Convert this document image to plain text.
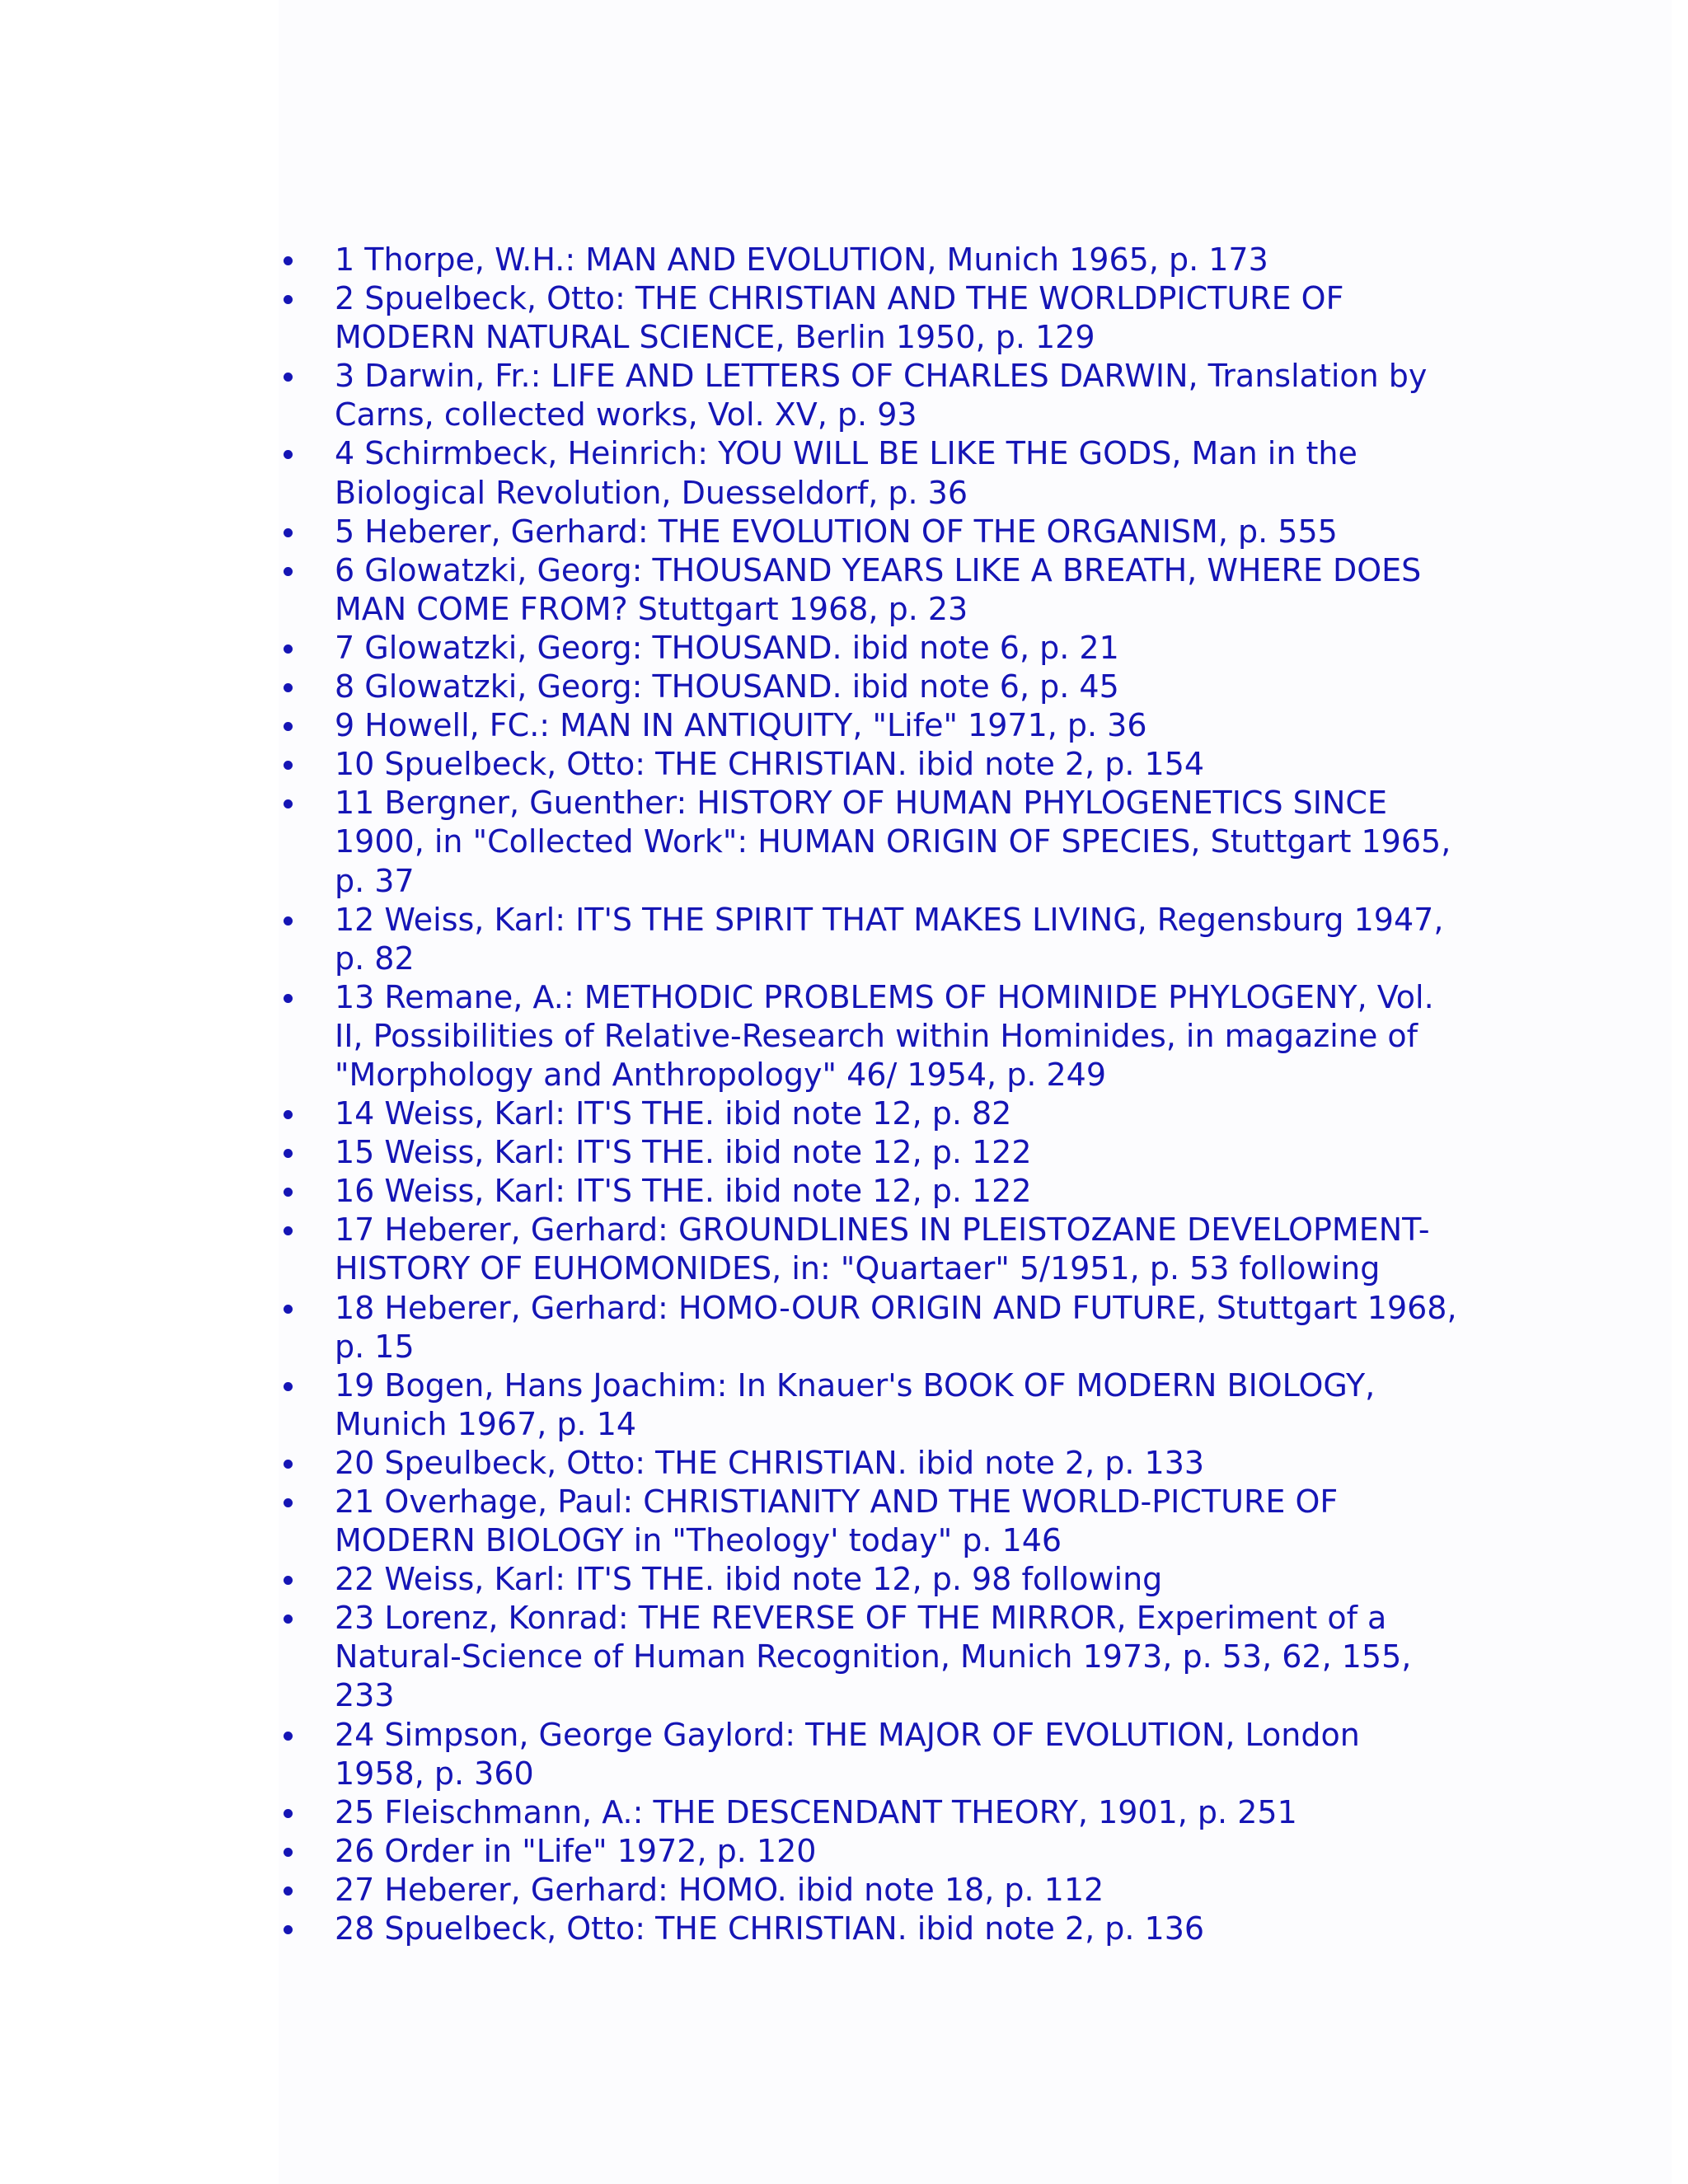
1 Thorpe, W.H.: MAN AND EVOLUTION, Munich 1965, p. 173
2 Spuelbeck, Otto: THE CHRISTIAN AND THE WORLDPICTURE OF MODERN NATURAL SCIENCE, Berlin 1950, p. 129
3 Darwin, Fr.: LIFE AND LETTERS OF CHARLES DARWIN, Translation by Carns, collected works, Vol. XV, p. 93
4 Schirmbeck, Heinrich: YOU WILL BE LIKE THE GODS, Man in the Biological Revolution, Duesseldorf, p. 36
5 Heberer, Gerhard: THE EVOLUTION OF THE ORGANISM, p. 555
6 Glowatzki, Georg: THOUSAND YEARS LIKE A BREATH, WHERE DOES MAN COME FROM? Stuttgart 1968, p. 23
7 Glowatzki, Georg: THOUSAND. ibid note 6, p. 21
8 Glowatzki, Georg: THOUSAND. ibid note 6, p. 45
9 Howell, FC.: MAN IN ANTIQUITY, "Life" 1971, p. 36
10 Spuelbeck, Otto: THE CHRISTIAN. ibid note 2, p. 154
11 Bergner, Guenther: HISTORY OF HUMAN PHYLOGENETICS SINCE 1900, in "Collected Work": HUMAN ORIGIN OF SPECIES, Stuttgart 1965, p. 37
12 Weiss, Karl: IT'S THE SPIRIT THAT MAKES LIVING, Regensburg 1947, p. 82
13 Remane, A.: METHODIC PROBLEMS OF HOMINIDE PHYLOGENY, Vol. II, Possibilities of Relative-Research within Hominides, in magazine of "Morphology and Anthropology" 46/ 1954, p. 249
14 Weiss, Karl: IT'S THE. ibid note 12, p. 82
15 Weiss, Karl: IT'S THE. ibid note 12, p. 122
16 Weiss, Karl: IT'S THE. ibid note 12, p. 122
17 Heberer, Gerhard: GROUNDLINES IN PLEISTOZANE DEVELOPMENT-HISTORY OF EUHOMONIDES, in: "Quartaer" 5/1951, p. 53 following
18 Heberer, Gerhard: HOMO-OUR ORIGIN AND FUTURE, Stuttgart 1968, p. 15
19 Bogen, Hans Joachim: In Knauer's BOOK OF MODERN BIOLOGY, Munich 1967, p. 14
20 Speulbeck, Otto: THE CHRISTIAN. ibid note 2, p. 133
21 Overhage, Paul: CHRISTIANITY AND THE WORLD-PICTURE OF MODERN BIOLOGY in "Theology' today" p. 146
22 Weiss, Karl: IT'S THE. ibid note 12, p. 98 following
23 Lorenz, Konrad: THE REVERSE OF THE MIRROR, Experiment of a Natural-Science of Human Recognition, Munich 1973, p. 53, 62, 155, 233
24 Simpson, George Gaylord: THE MAJOR OF EVOLUTION, London 1958, p. 360
25 Fleischmann, A.: THE DESCENDANT THEORY, 1901, p. 251
26 Order in "Life" 1972, p. 120
27 Heberer, Gerhard: HOMO. ibid note 18, p. 112
28 Spuelbeck, Otto: THE CHRISTIAN. ibid note 2, p. 136
